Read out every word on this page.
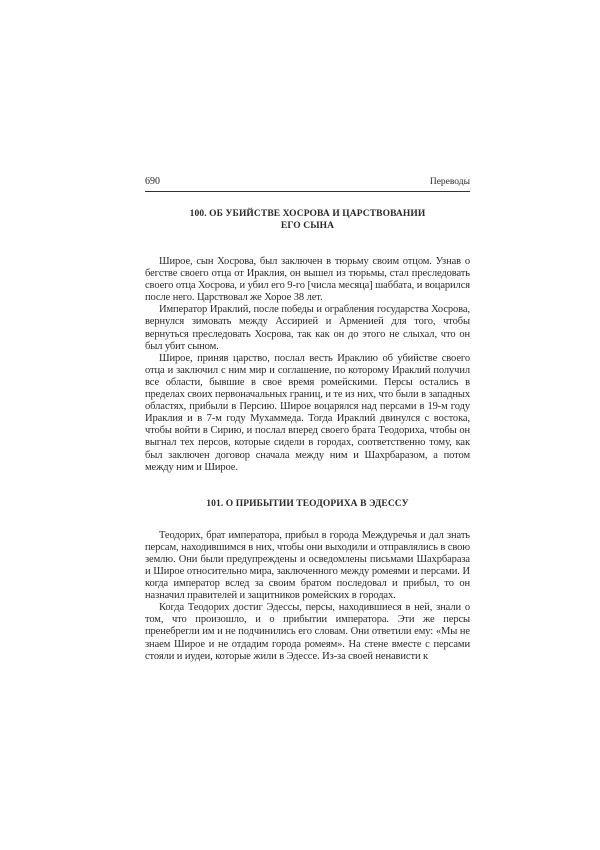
690	Переводы
100. ОБ УБИЙСТВЕ ХОСРОВА И ЦАРСТВОВАНИИ
ЕГО СЫНА

Широе, сын Хосрова, был заключен в тюрьму своим отцом. Узнав о бегстве своего отца от Ираклия, он вышел из тюрьмы, стал преследовать своего отца Хосрова, и убил его 9-го [числа месяца] шаббата, и воцарился после него. Царствовал же Хорое 38 лет.

Император Ираклий, после победы и ограбления государства Хосрова, вернулся зимовать между Ассирией и Арменией для того, чтобы вернуться преследовать Хосрова, так как он до этого не слыхал, что он был убит сыном.

Широе, приняв царство, послал весть Ираклию об убийстве своего отца и заключил с ним мир и соглашение, по которому Ираклий получил все области, бывшие в свое время ромейскими. Персы остались в пределах своих первоначальных границ, и те из них, что были в западных областях, прибыли в Персию. Широе воцарялся над персами в 19-м году Ираклия и в 7-м году Мухаммеда. Тогда Ираклий двинулся с востока, чтобы войти в Сирию, и послал вперед своего брата Теодориха, чтобы он выгнал тех персов, которые сидели в городах, соответственно тому, как был заключен договор сначала между ним и Шахрбаразом, а потом между ним и Широе.

101. О ПРИБЫТИИ ТЕОДОРИХА В ЭДЕССУ

Теодорих, брат императора, прибыл в города Междуречья и дал знать персам, находившимся в них, чтобы они выходили и отправлялись в свою землю. Они были предупреждены и осведомлены письмами Шахрбараза и Широе относительно мира, заключенного между ромеями и персами. И когда император вслед за своим братом последовал и прибыл, то он назначил правителей и защитников ромейских в городах.

Когда Теодорих достиг Эдессы, персы, находившиеся в ней, знали о том, что произошло, и о прибытии императора. Эти же персы пренебрегли им и не подчинились его словам. Они ответили ему: «Мы не знаем Широе и не отдадим города ромеям». На стене вместе с персами стояли и иудеи, которые жили в Эдессе. Из-за своей ненависти к
